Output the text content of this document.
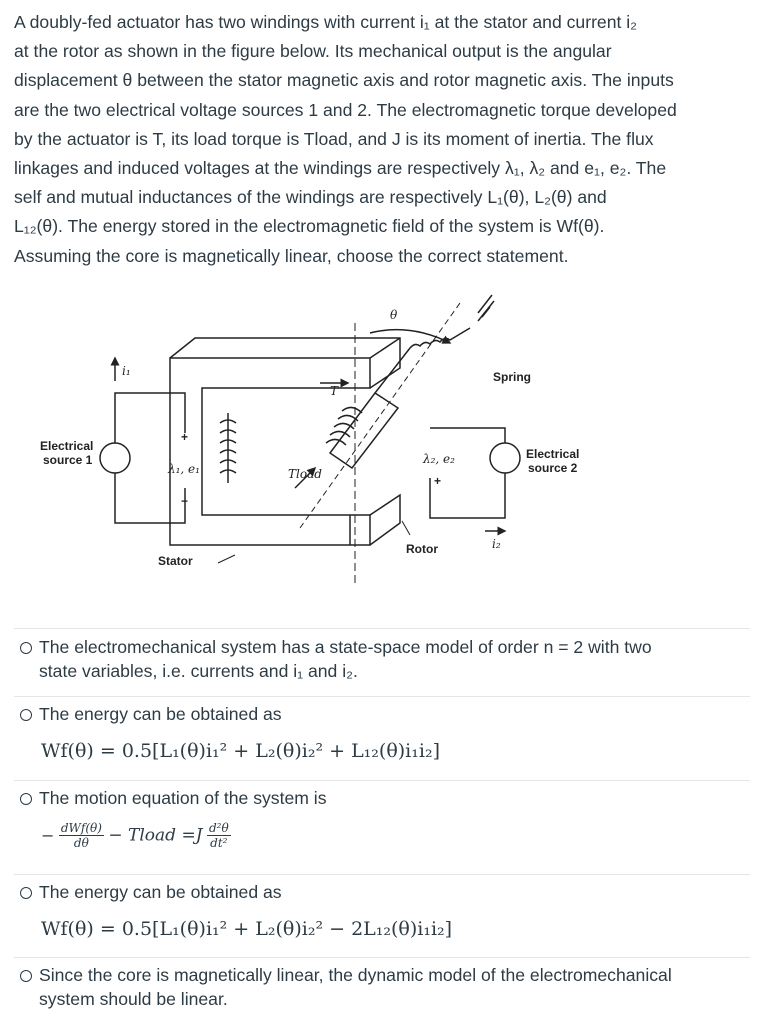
A doubly-fed actuator has two windings with current i₁ at the stator and current i₂
at the rotor as shown in the figure below. Its mechanical output is the angular
displacement θ between the stator magnetic axis and rotor magnetic axis. The inputs
are the two electrical voltage sources 1 and 2. The electromagnetic torque developed
by the actuator is T, its load torque is Tload, and J is its moment of inertia. The flux
linkages and induced voltages at the windings are respectively λ₁, λ₂ and e₁, e₂. The
self and mutual inductances of the windings are respectively L₁(θ), L₂(θ) and
L₁₂(θ). The energy stored in the electromagnetic field of the system is Wf(θ).
Assuming the core is magnetically linear, choose the correct statement.
Electrical
source 1	Electrical
source 2
Spring
Rotor
Stator
θ
T
Tload
i₁
i₂
λ₁, e₁
λ₂, e₂
+
−
+
The electromechanical system has a state-space model of order n = 2 with two
state variables, i.e. currents and i₁ and i₂.
The energy can be obtained as
Wf(θ) = 0.5[L₁(θ)i₁² + L₂(θ)i₂² + L₁₂(θ)i₁i₂]
The motion equation of the system is
− $\frac{\text{dWf(θ)}}{d\theta}$ − Tload $=J \frac{\text{d²θ}}{\text{dt²}}$
The energy can be obtained as
Wf(θ) = 0.5[L₁(θ)i₁² + L₂(θ)i₂² − 2L₁₂(θ)i₁i₂]
Since the core is magnetically linear, the dynamic model of the electromechanical
system should be linear.
